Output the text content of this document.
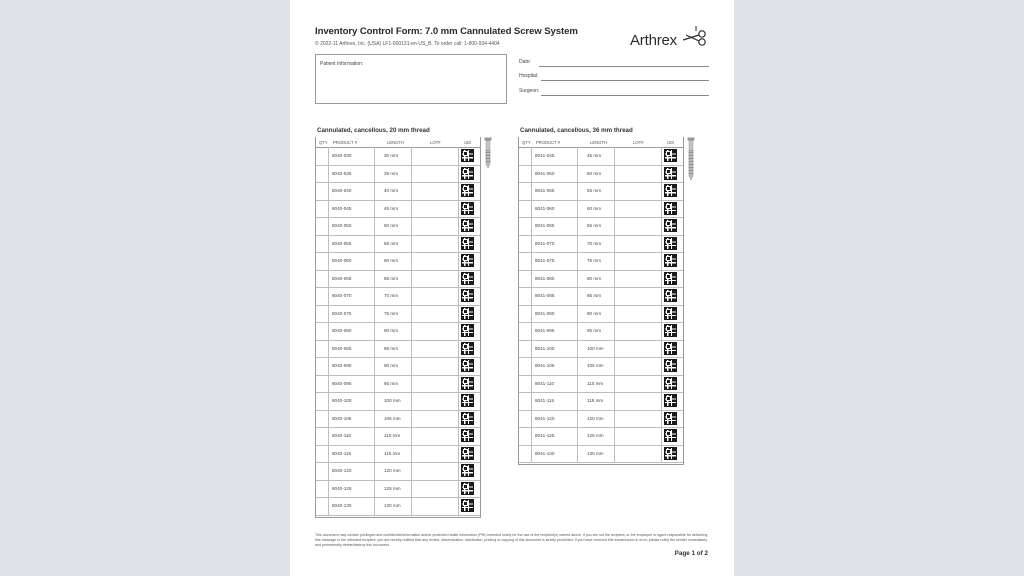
Inventory Control Form: 7.0 mm Cannulated Screw System
© 2022-11 Arthrex, Inc. (USA) LF1-000131-en-US_B. To order call: 1-800-934-4404	Arthrex
Patient Information:	Date:
Hospital:
Surgeon:
Cannulated, cancellous, 20 mm thread
QTY PRODUCT #	LENGTH	LOT#	UDI
8040-030	30 mm
8040-035	35 mm
8040-040	40 mm
8040-045	45 mm
8040-050	50 mm
8040-055	55 mm
8040-060	60 mm
8040-065	65 mm
8040-070	70 mm
8040-075	75 mm
8040-080	80 mm
8040-085	85 mm
8040-090	90 mm
8040-095	95 mm
8040-100	100 mm
8040-105	105 mm
8040-110	110 mm
8040-115	115 mm
8040-120	120 mm
8040-125	125 mm
8040-130	130 mm
Cannulated, cancellous, 36 mm thread
QTY PRODUCT #	LENGTH	LOT#	UDI
8041-045	45 mm
8041-050	50 mm
8041-055	55 mm
8041-060	60 mm
8041-065	65 mm
8041-070	70 mm
8041-075	75 mm
8041-080	80 mm
8041-085	85 mm
8041-090	90 mm
8041-095	95 mm
8041-100	100 mm
8041-105	105 mm
8041-110	110 mm
8041-115	115 mm
8041-120	120 mm
8041-125	125 mm
8041-130	130 mm
This document may contain privileged and confidential information and/or protected health information (PHI) intended solely for the use of the recipient(s) named above. If you are not the recipient, or the employee or agent responsible for delivering this message to the intended recipient, you are hereby notified that any review, dissemination, distribution, printing or copying of this document is strictly prohibited. If you have received this transmission in error, please notify the sender immediately and permanently delete/destroy this document.
Page 1 of 2
